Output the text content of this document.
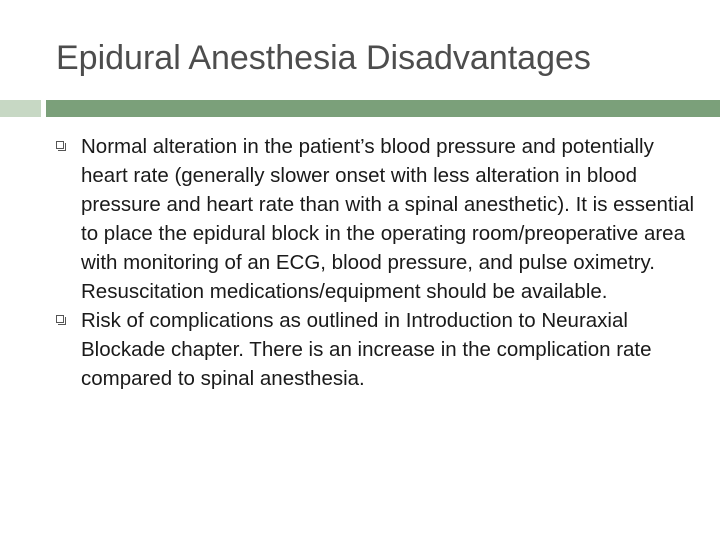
Epidural Anesthesia Disadvantages
Normal alteration in the patient’s blood pressure and potentially heart rate (generally slower onset with less alteration in blood pressure and heart rate than with a spinal anesthetic). It is essential to place the epidural block in the operating room/preoperative area with monitoring of an ECG, blood pressure, and pulse oximetry. Resuscitation medications/equipment should be available.
Risk of complications as outlined in Introduction to Neuraxial Blockade chapter. There is an increase in the complication rate compared to spinal anesthesia.
